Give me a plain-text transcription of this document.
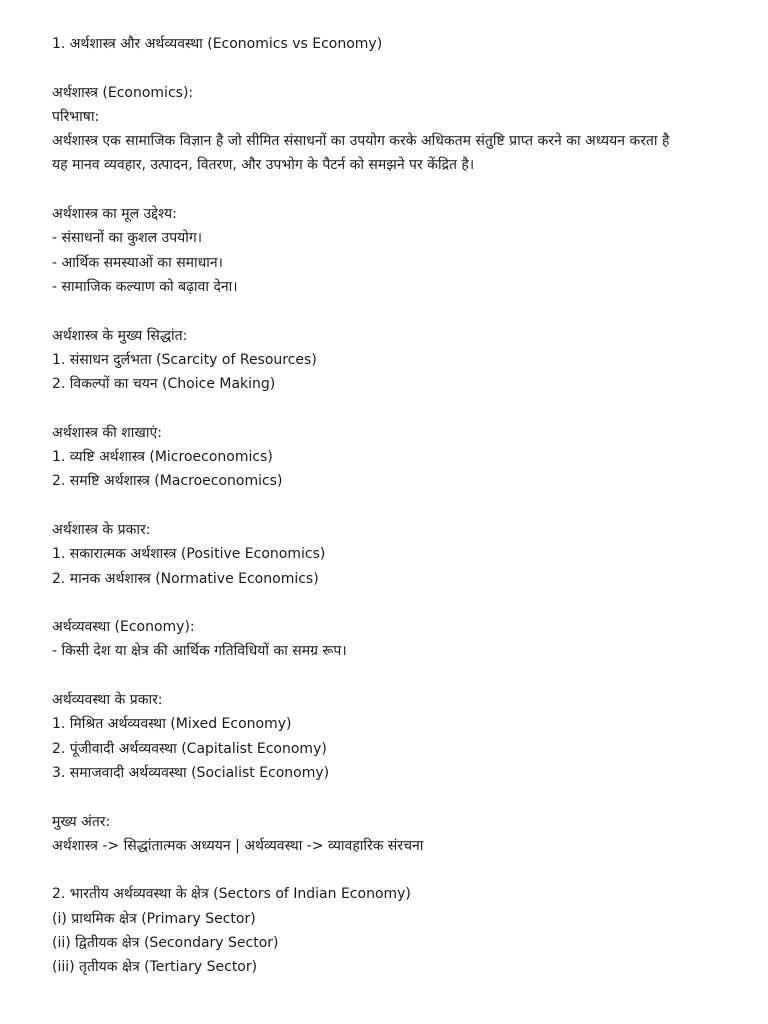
1. अर्थशास्त्र और अर्थव्यवस्था (Economics vs Economy)
अर्थशास्त्र (Economics):
परिभाषा:
अर्थशास्त्र एक सामाजिक विज्ञान है जो सीमित संसाधनों का उपयोग करके अधिकतम संतुष्टि प्राप्त करने का अध्ययन करता है
यह मानव व्यवहार, उत्पादन, वितरण, और उपभोग के पैटर्न को समझने पर केंद्रित है।
अर्थशास्त्र का मूल उद्देश्य:
- संसाधनों का कुशल उपयोग।
- आर्थिक समस्याओं का समाधान।
- सामाजिक कल्याण को बढ़ावा देना।
अर्थशास्त्र के मुख्य सिद्धांत:
1. संसाधन दुर्लभता (Scarcity of Resources)
2. विकल्पों का चयन (Choice Making)
अर्थशास्त्र की शाखाएं:
1. व्यष्टि अर्थशास्त्र (Microeconomics)
2. समष्टि अर्थशास्त्र (Macroeconomics)
अर्थशास्त्र के प्रकार:
1. सकारात्मक अर्थशास्त्र (Positive Economics)
2. मानक अर्थशास्त्र (Normative Economics)
अर्थव्यवस्था (Economy):
- किसी देश या क्षेत्र की आर्थिक गतिविधियों का समग्र रूप।
अर्थव्यवस्था के प्रकार:
1. मिश्रित अर्थव्यवस्था (Mixed Economy)
2. पूंजीवादी अर्थव्यवस्था (Capitalist Economy)
3. समाजवादी अर्थव्यवस्था (Socialist Economy)
मुख्य अंतर:
अर्थशास्त्र -> सिद्धांतात्मक अध्ययन | अर्थव्यवस्था -> व्यावहारिक संरचना
2. भारतीय अर्थव्यवस्था के क्षेत्र (Sectors of Indian Economy)
(i) प्राथमिक क्षेत्र (Primary Sector)
(ii) द्वितीयक क्षेत्र (Secondary Sector)
(iii) तृतीयक क्षेत्र (Tertiary Sector)
